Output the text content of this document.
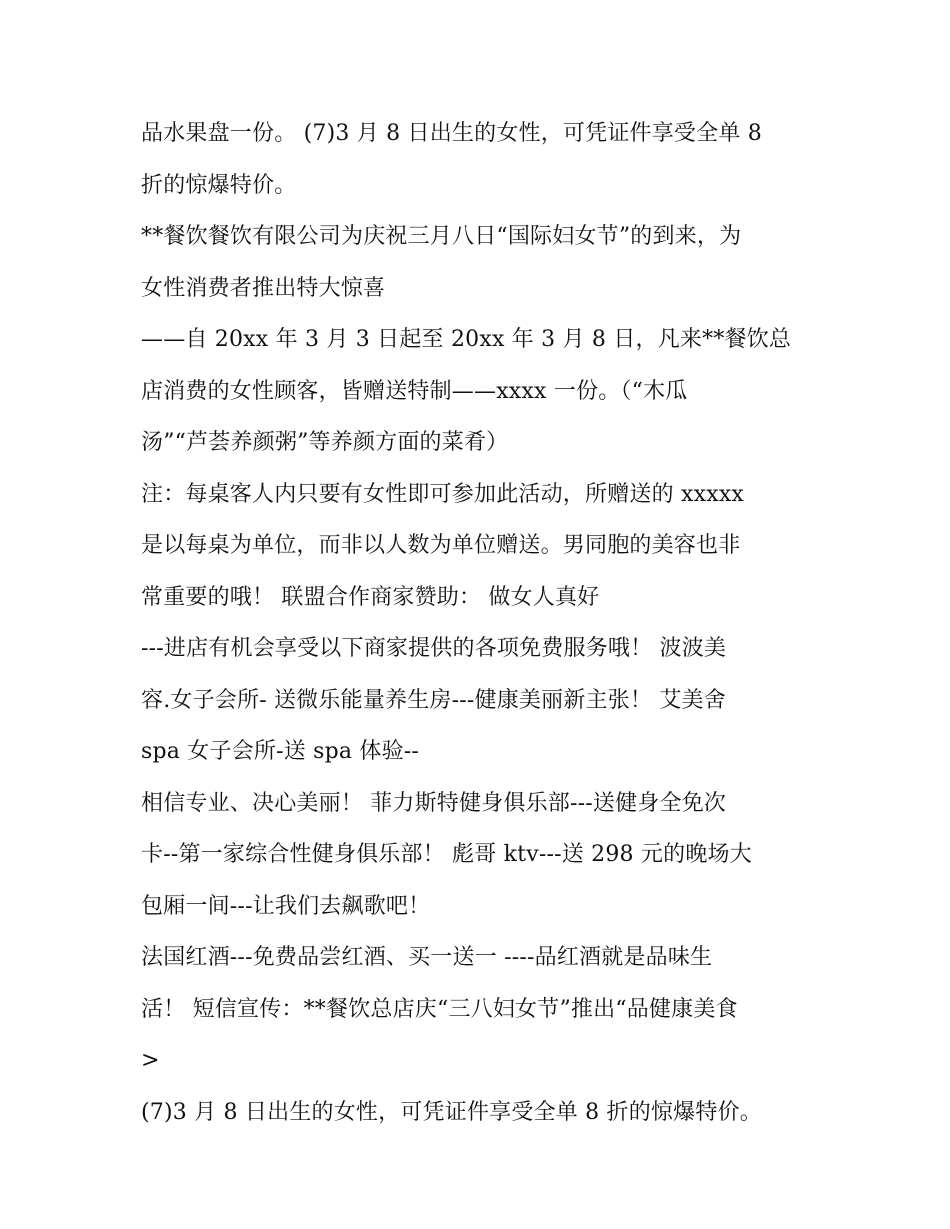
品水果盘一份。 (7)3 月 8 日出生的女性，可凭证件享受全单 8
折的惊爆特价。
**餐饮餐饮有限公司为庆祝三月八日“国际妇女节”的到来，为
女性消费者推出特大惊喜
——自 20xx 年 3 月 3 日起至 20xx 年 3 月 8 日，凡来**餐饮总
店消费的女性顾客，皆赠送特制——xxxx 一份。（“木瓜
汤”“芦荟养颜粥”等养颜方面的菜肴）
注：每桌客人内只要有女性即可参加此活动，所赠送的 xxxxx
是以每桌为单位，而非以人数为单位赠送。男同胞的美容也非
常重要的哦！ 联盟合作商家赞助： 做女人真好
---进店有机会享受以下商家提供的各项免费服务哦！ 波波美
容.女子会所- 送微乐能量养生房---健康美丽新主张！ 艾美舍
spa 女子会所-送 spa 体验--
相信专业、决心美丽！ 菲力斯特健身俱乐部---送健身全免次
卡--第一家综合性健身俱乐部！ 彪哥 ktv---送 298 元的晚场大
包厢一间---让我们去飙歌吧！
法国红酒---免费品尝红酒、买一送一 ----品红酒就是品味生
活！ 短信宣传：**餐饮总店庆“三八妇女节”推出“品健康美食
>
(7)3 月 8 日出生的女性，可凭证件享受全单 8 折的惊爆特价。
